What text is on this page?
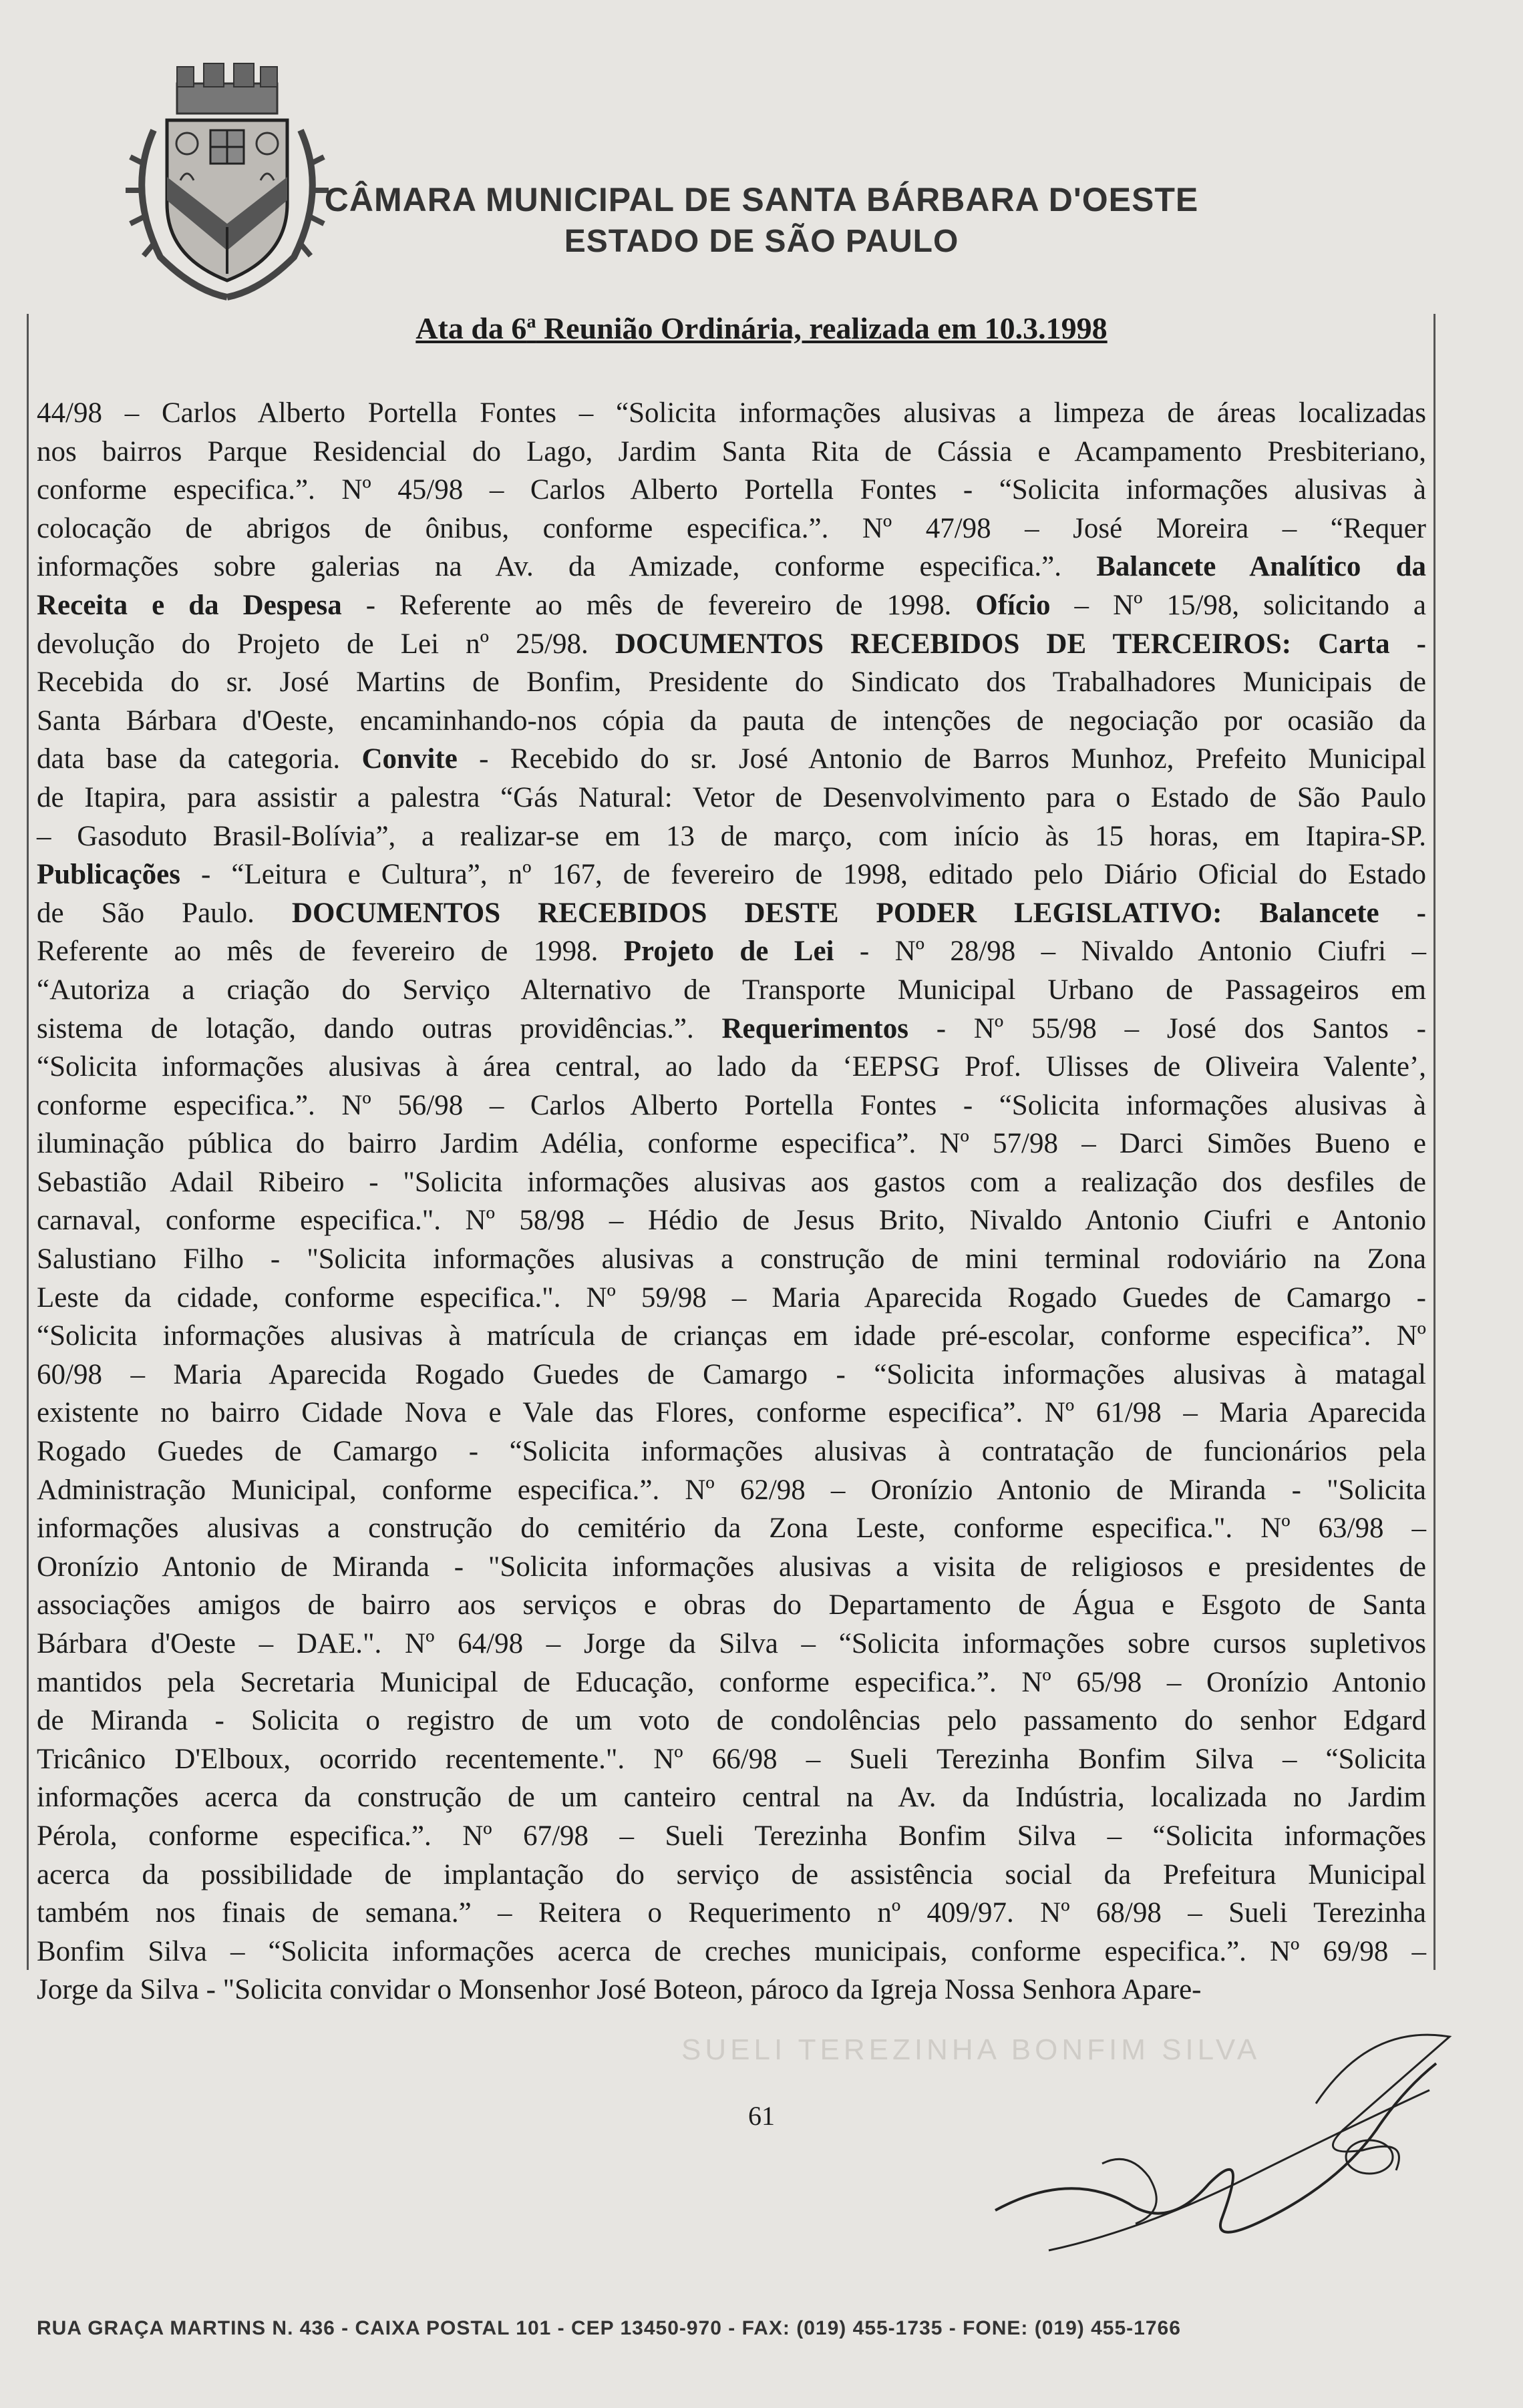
CÂMARA MUNICIPAL DE SANTA BÁRBARA D'OESTE
ESTADO DE SÃO PAULO
Ata da 6$^a$ Reunião Ordinária, realizada em 10.3.1998
44/98 – Carlos Alberto Portella Fontes – “Solicita informações alusivas a limpeza de áreas localizadas
nos bairros Parque Residencial do Lago, Jardim Santa Rita de Cássia e Acampamento Presbiteriano,
conforme especifica.”. Nº 45/98 – Carlos Alberto Portella Fontes - “Solicita informações alusivas à
colocação de abrigos de ônibus, conforme especifica.”. Nº 47/98 – José Moreira – “Requer
informações sobre galerias na Av. da Amizade, conforme especifica.”. Balancete Analítico da
Receita e da Despesa - Referente ao mês de fevereiro de 1998. Ofício – Nº 15/98, solicitando a
devolução do Projeto de Lei nº 25/98. DOCUMENTOS RECEBIDOS DE TERCEIROS: Carta -
Recebida do sr. José Martins de Bonfim, Presidente do Sindicato dos Trabalhadores Municipais de
Santa Bárbara d'Oeste, encaminhando-nos cópia da pauta de intenções de negociação por ocasião da
data base da categoria. Convite - Recebido do sr. José Antonio de Barros Munhoz, Prefeito Municipal
de Itapira, para assistir a palestra “Gás Natural: Vetor de Desenvolvimento para o Estado de São Paulo
– Gasoduto Brasil-Bolívia”, a realizar-se em 13 de março, com início às 15 horas, em Itapira-SP.
Publicações - “Leitura e Cultura”, nº 167, de fevereiro de 1998, editado pelo Diário Oficial do Estado
de São Paulo. DOCUMENTOS RECEBIDOS DESTE PODER LEGISLATIVO: Balancete -
Referente ao mês de fevereiro de 1998. Projeto de Lei - Nº 28/98 – Nivaldo Antonio Ciufri –
“Autoriza a criação do Serviço Alternativo de Transporte Municipal Urbano de Passageiros em
sistema de lotação, dando outras providências.”. Requerimentos - Nº 55/98 – José dos Santos -
“Solicita informações alusivas à área central, ao lado da ‘EEPSG Prof. Ulisses de Oliveira Valente’,
conforme especifica.”. Nº 56/98 – Carlos Alberto Portella Fontes - “Solicita informações alusivas à
iluminação pública do bairro Jardim Adélia, conforme especifica”. Nº 57/98 – Darci Simões Bueno e
Sebastião Adail Ribeiro - "Solicita informações alusivas aos gastos com a realização dos desfiles de
carnaval, conforme especifica.". Nº 58/98 – Hédio de Jesus Brito, Nivaldo Antonio Ciufri e Antonio
Salustiano Filho - "Solicita informações alusivas a construção de mini terminal rodoviário na Zona
Leste da cidade, conforme especifica.". Nº 59/98 – Maria Aparecida Rogado Guedes de Camargo -
“Solicita informações alusivas à matrícula de crianças em idade pré-escolar, conforme especifica”. Nº
60/98 – Maria Aparecida Rogado Guedes de Camargo - “Solicita informações alusivas à matagal
existente no bairro Cidade Nova e Vale das Flores, conforme especifica”. Nº 61/98 – Maria Aparecida
Rogado Guedes de Camargo - “Solicita informações alusivas à contratação de funcionários pela
Administração Municipal, conforme especifica.”. Nº 62/98 – Oronízio Antonio de Miranda - "Solicita
informações alusivas a construção do cemitério da Zona Leste, conforme especifica.". Nº 63/98 –
Oronízio Antonio de Miranda - "Solicita informações alusivas a visita de religiosos e presidentes de
associações amigos de bairro aos serviços e obras do Departamento de Água e Esgoto de Santa
Bárbara d'Oeste – DAE.". Nº 64/98 – Jorge da Silva – “Solicita informações sobre cursos supletivos
mantidos pela Secretaria Municipal de Educação, conforme especifica.”. Nº 65/98 – Oronízio Antonio
de Miranda - Solicita o registro de um voto de condolências pelo passamento do senhor Edgard
Tricânico D'Elboux, ocorrido recentemente.". Nº 66/98 – Sueli Terezinha Bonfim Silva – “Solicita
informações acerca da construção de um canteiro central na Av. da Indústria, localizada no Jardim
Pérola, conforme especifica.”. Nº 67/98 – Sueli Terezinha Bonfim Silva – “Solicita informações
acerca da possibilidade de implantação do serviço de assistência social da Prefeitura Municipal
também nos finais de semana.” – Reitera o Requerimento nº 409/97. Nº 68/98 – Sueli Terezinha
Bonfim Silva – “Solicita informações acerca de creches municipais, conforme especifica.”. Nº 69/98 –
Jorge da Silva - "Solicita convidar o Monsenhor José Boteon, pároco da Igreja Nossa Senhora Apare-
SUELI TEREZINHA BONFIM SILVA
61
RUA GRAÇA MARTINS N. 436 - CAIXA POSTAL 101 - CEP 13450-970 - FAX: (019) 455-1735 - FONE: (019) 455-1766
